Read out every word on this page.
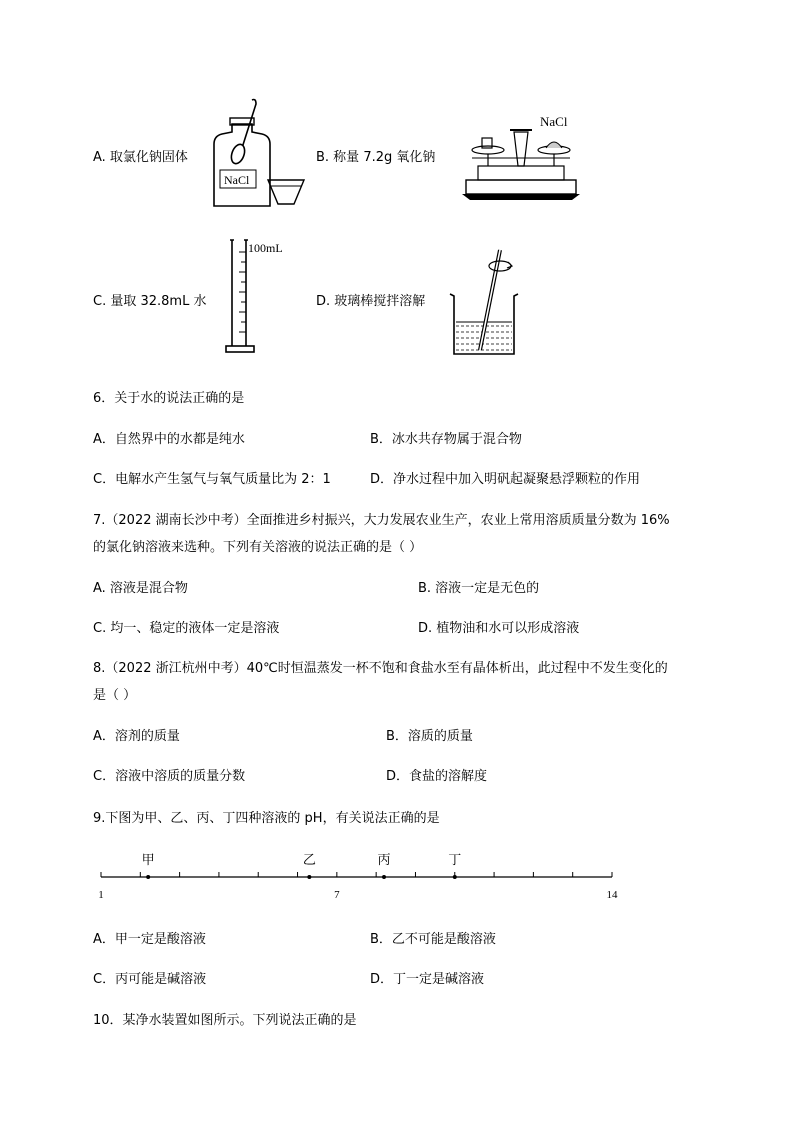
A. 取氯化钠固体
NaCl
B. 称量 7.2g 氧化钠
NaCl
C. 量取 32.8mL 水
100mL
D. 玻璃棒搅拌溶解
6．关于水的说法正确的是
A．自然界中的水都是纯水	B．冰水共存物属于混合物
C．电解水产生氢气与氧气质量比为 2：1	D．净水过程中加入明矾起凝聚悬浮颗粒的作用
7.（2022 湖南长沙中考）全面推进乡村振兴，大力发展农业生产，农业上常用溶质质量分数为 16%
的氯化钠溶液来选种。下列有关溶液的说法正确的是（ ）
A. 溶液是混合物	B. 溶液一定是无色的
C. 均一、稳定的液体一定是溶液	D. 植物油和水可以形成溶液
8.（2022 浙江杭州中考）40℃时恒温蒸发一杯不饱和食盐水至有晶体析出，此过程中不发生变化的
是（ ）
A．溶剂的质量	B．溶质的质量
C．溶液中溶质的质量分数	D．食盐的溶解度
9.下图为甲、乙、丙、丁四种溶液的 pH，有关说法正确的是
甲	乙	丙	丁
1	7	14
A．甲一定是酸溶液	B．乙不可能是酸溶液
C．丙可能是碱溶液	D．丁一定是碱溶液
10．某净水装置如图所示。下列说法正确的是
